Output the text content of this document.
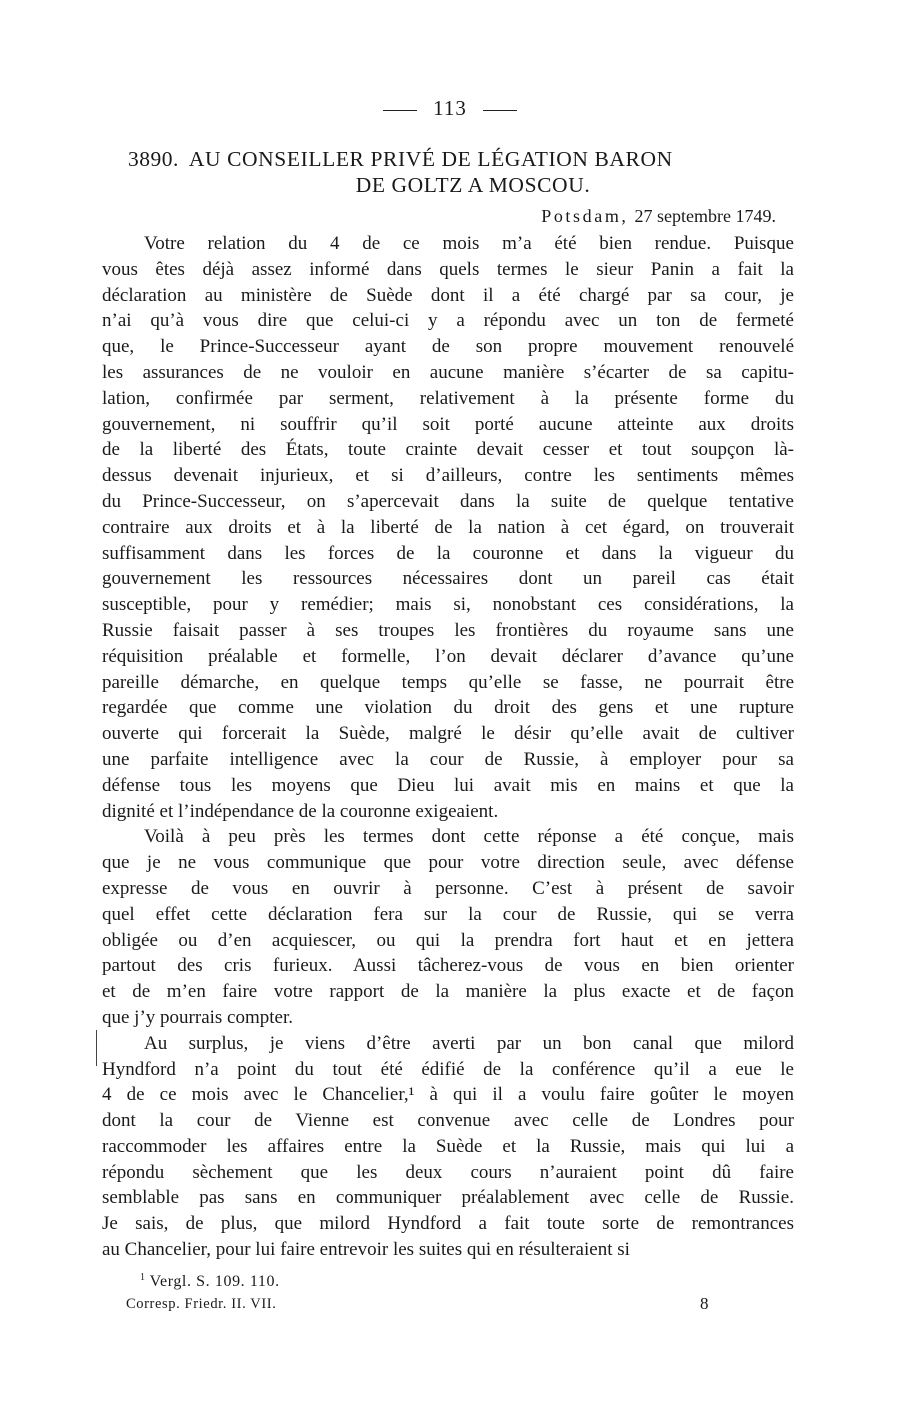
113
3890. AU CONSEILLER PRIVÉ DE LÉGATION BARON
DE GOLTZ A MOSCOU.
Potsdam, 27 septembre 1749.
Votre relation du 4 de ce mois m’a été bien rendue. Puisque
vous êtes déjà assez informé dans quels termes le sieur Panin a fait la
déclaration au ministère de Suède dont il a été chargé par sa cour, je
n’ai qu’à vous dire que celui-ci y a répondu avec un ton de fermeté
que, le Prince-Successeur ayant de son propre mouvement renouvelé
les assurances de ne vouloir en aucune manière s’écarter de sa capitu-
lation, confirmée par serment, relativement à la présente forme du
gouvernement, ni souffrir qu’il soit porté aucune atteinte aux droits
de la liberté des États, toute crainte devait cesser et tout soupçon là-
dessus devenait injurieux, et si d’ailleurs, contre les sentiments mêmes
du Prince-Successeur, on s’apercevait dans la suite de quelque tentative
contraire aux droits et à la liberté de la nation à cet égard, on trouverait
suffisamment dans les forces de la couronne et dans la vigueur du
gouvernement les ressources nécessaires dont un pareil cas était
susceptible, pour y remédier; mais si, nonobstant ces considérations, la
Russie faisait passer à ses troupes les frontières du royaume sans une
réquisition préalable et formelle, l’on devait déclarer d’avance qu’une
pareille démarche, en quelque temps qu’elle se fasse, ne pourrait être
regardée que comme une violation du droit des gens et une rupture
ouverte qui forcerait la Suède, malgré le désir qu’elle avait de cultiver
une parfaite intelligence avec la cour de Russie, à employer pour sa
défense tous les moyens que Dieu lui avait mis en mains et que la
dignité et l’indépendance de la couronne exigeaient.
Voilà à peu près les termes dont cette réponse a été conçue, mais
que je ne vous communique que pour votre direction seule, avec défense
expresse de vous en ouvrir à personne. C’est à présent de savoir
quel effet cette déclaration fera sur la cour de Russie, qui se verra
obligée ou d’en acquiescer, ou qui la prendra fort haut et en jettera
partout des cris furieux. Aussi tâcherez-vous de vous en bien orienter
et de m’en faire votre rapport de la manière la plus exacte et de façon
que j’y pourrais compter.
Au surplus, je viens d’être averti par un bon canal que milord
Hyndford n’a point du tout été édifié de la conférence qu’il a eue le
4 de ce mois avec le Chancelier,¹ à qui il a voulu faire goûter le moyen
dont la cour de Vienne est convenue avec celle de Londres pour
raccommoder les affaires entre la Suède et la Russie, mais qui lui a
répondu sèchement que les deux cours n’auraient point dû faire
semblable pas sans en communiquer préalablement avec celle de Russie.
Je sais, de plus, que milord Hyndford a fait toute sorte de remontrances
au Chancelier, pour lui faire entrevoir les suites qui en résulteraient si
$^1$ Vergl. S. 109. 110.
Corresp. Friedr. II. VII.	8
